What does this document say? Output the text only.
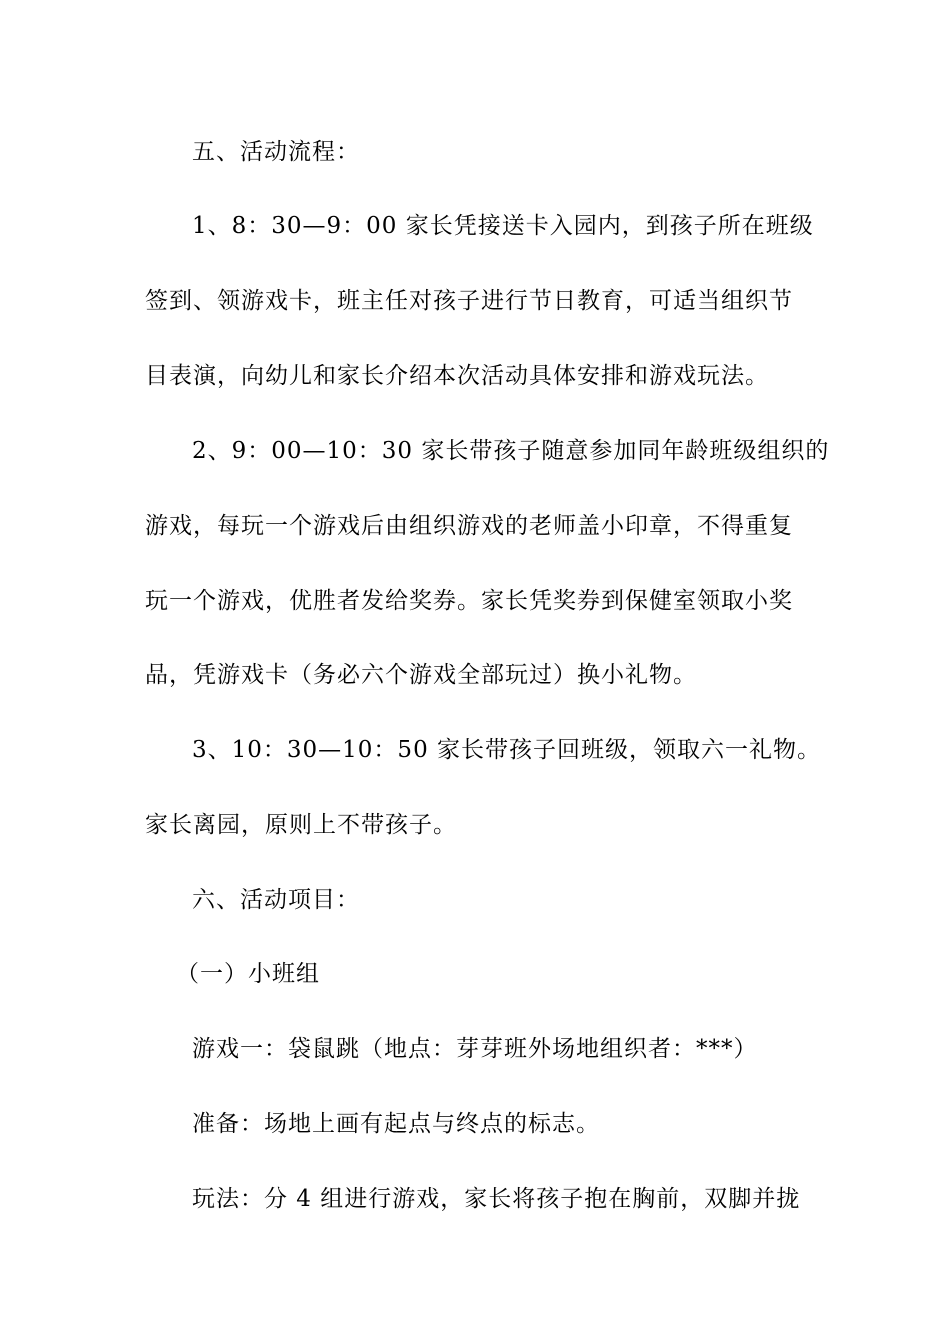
五、活动流程：
1、8：30—9：00 家长凭接送卡入园内，到孩子所在班级
签到、领游戏卡，班主任对孩子进行节日教育，可适当组织节
目表演，向幼儿和家长介绍本次活动具体安排和游戏玩法。
2、9：00—10：30 家长带孩子随意参加同年龄班级组织的
游戏，每玩一个游戏后由组织游戏的老师盖小印章，不得重复
玩一个游戏，优胜者发给奖券。家长凭奖券到保健室领取小奖
品，凭游戏卡（务必六个游戏全部玩过）换小礼物。
3、10：30—10：50 家长带孩子回班级，领取六一礼物。
家长离园，原则上不带孩子。
六、活动项目：
（一）小班组
游戏一：袋鼠跳（地点：芽芽班外场地组织者：***）
准备：场地上画有起点与终点的标志。
玩法：分 4 组进行游戏，家长将孩子抱在胸前，双脚并拢
